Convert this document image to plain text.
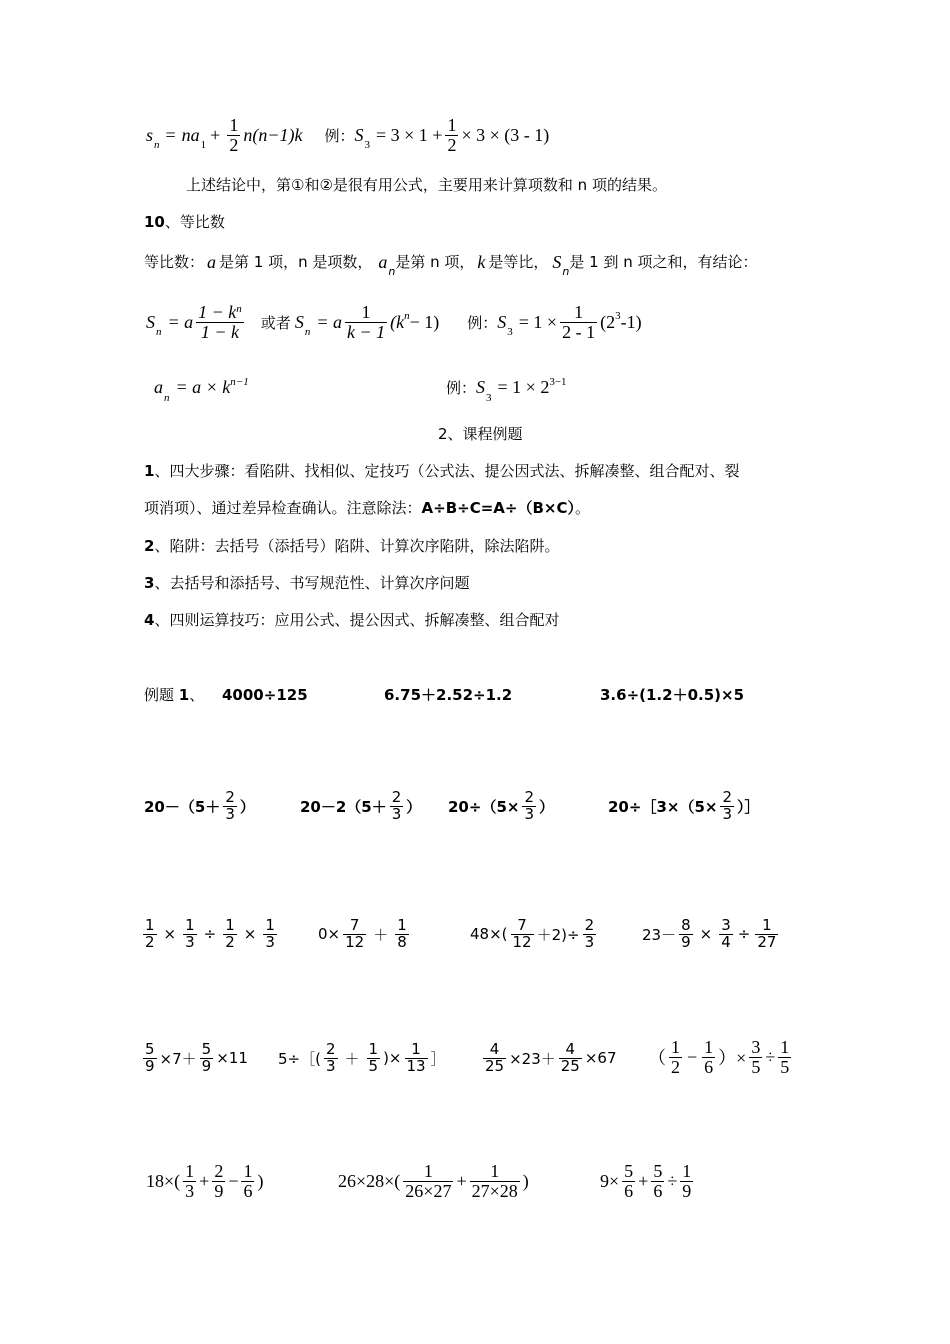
s
$_n$
= n a
$_1$
+ $\frac{1}{2} n(n-1)k$ 例： S
$_3$
= $3 \times 1 + \frac{1}{2} \times 3 \times (3 - 1)$
上述结论中，第①和②是很有用公式，主要用来计算项数和 n 项的结果。
10、等比数
等比数： a 是第 1 项，n 是项数， $a_n$
是第 n 项， k 是等比， $S_n$
是 1 到 n 项之和，有结论：
S
$_n$
= a $\frac{1 - k^n}{1 - k}$ 或者 S
$_n$
= a $\frac{1}{k - 1} (k^n - 1)$ 例： S
$_3$
= $1 \times \frac{1}{2 - 1} (2^3$ -1)
a
$_n$
= $a \times k^{n-1}$	例： S
$_3$
= $1 \times 2^{3-1}$
2、课程例题
1、四大步骤：看陷阱、找相似、定技巧（公式法、提公因式法、拆解凑整、组合配对、裂
项消项）、通过差异检查确认。注意除法：A÷B÷C=A÷（B×C）。
2、陷阱：去括号（添括号）陷阱、计算次序陷阱，除法陷阱。
3、去括号和添括号、书写规范性、计算次序问题
4、四则运算技巧：应用公式、提公因式、拆解凑整、组合配对
例题 1、 4000÷125	6.75＋2.52÷1.2	3.6÷(1.2＋0.5)×5
$20-(5+ \frac{2}{3}$ ）	$20-2(5+ \frac{2}{3}$ ） $20\div(5\times \frac{2}{3}$ ）	20÷［3×（5× $\frac{2}{3}$ ）］
$\frac{1}{2} \times \frac{1}{3} \div \frac{1}{2} \times \frac{1}{3}$	$0\times \frac{7}{12} + \frac{1}{8}$	$48\times( \frac{7}{12} +2)\div \frac{2}{3}$	$23- \frac{8}{9} \times \frac{3}{4} \div \frac{1}{27}$
$\frac{5}{9} \times 7+ \frac{5}{9} \times 11$ 5÷［( $\frac{2}{3} + \frac{1}{5}$ )× $\frac{1}{13}$ ］ $\frac{4}{25} \times 23+ \frac{4}{25} \times 67$ （ $\frac{1}{2} - \frac{1}{6}$ ）× $\frac{3}{5} \div \frac{1}{5}$
$18\times( \frac{1}{3} + \frac{2}{9} - \frac{1}{6}$ )	$26\times 28\times( \frac{1}{26\times 27} + \frac{1}{27\times 28}$ )	$9\times \frac{5}{6} + \frac{5}{6} \div \frac{1}{9}$
